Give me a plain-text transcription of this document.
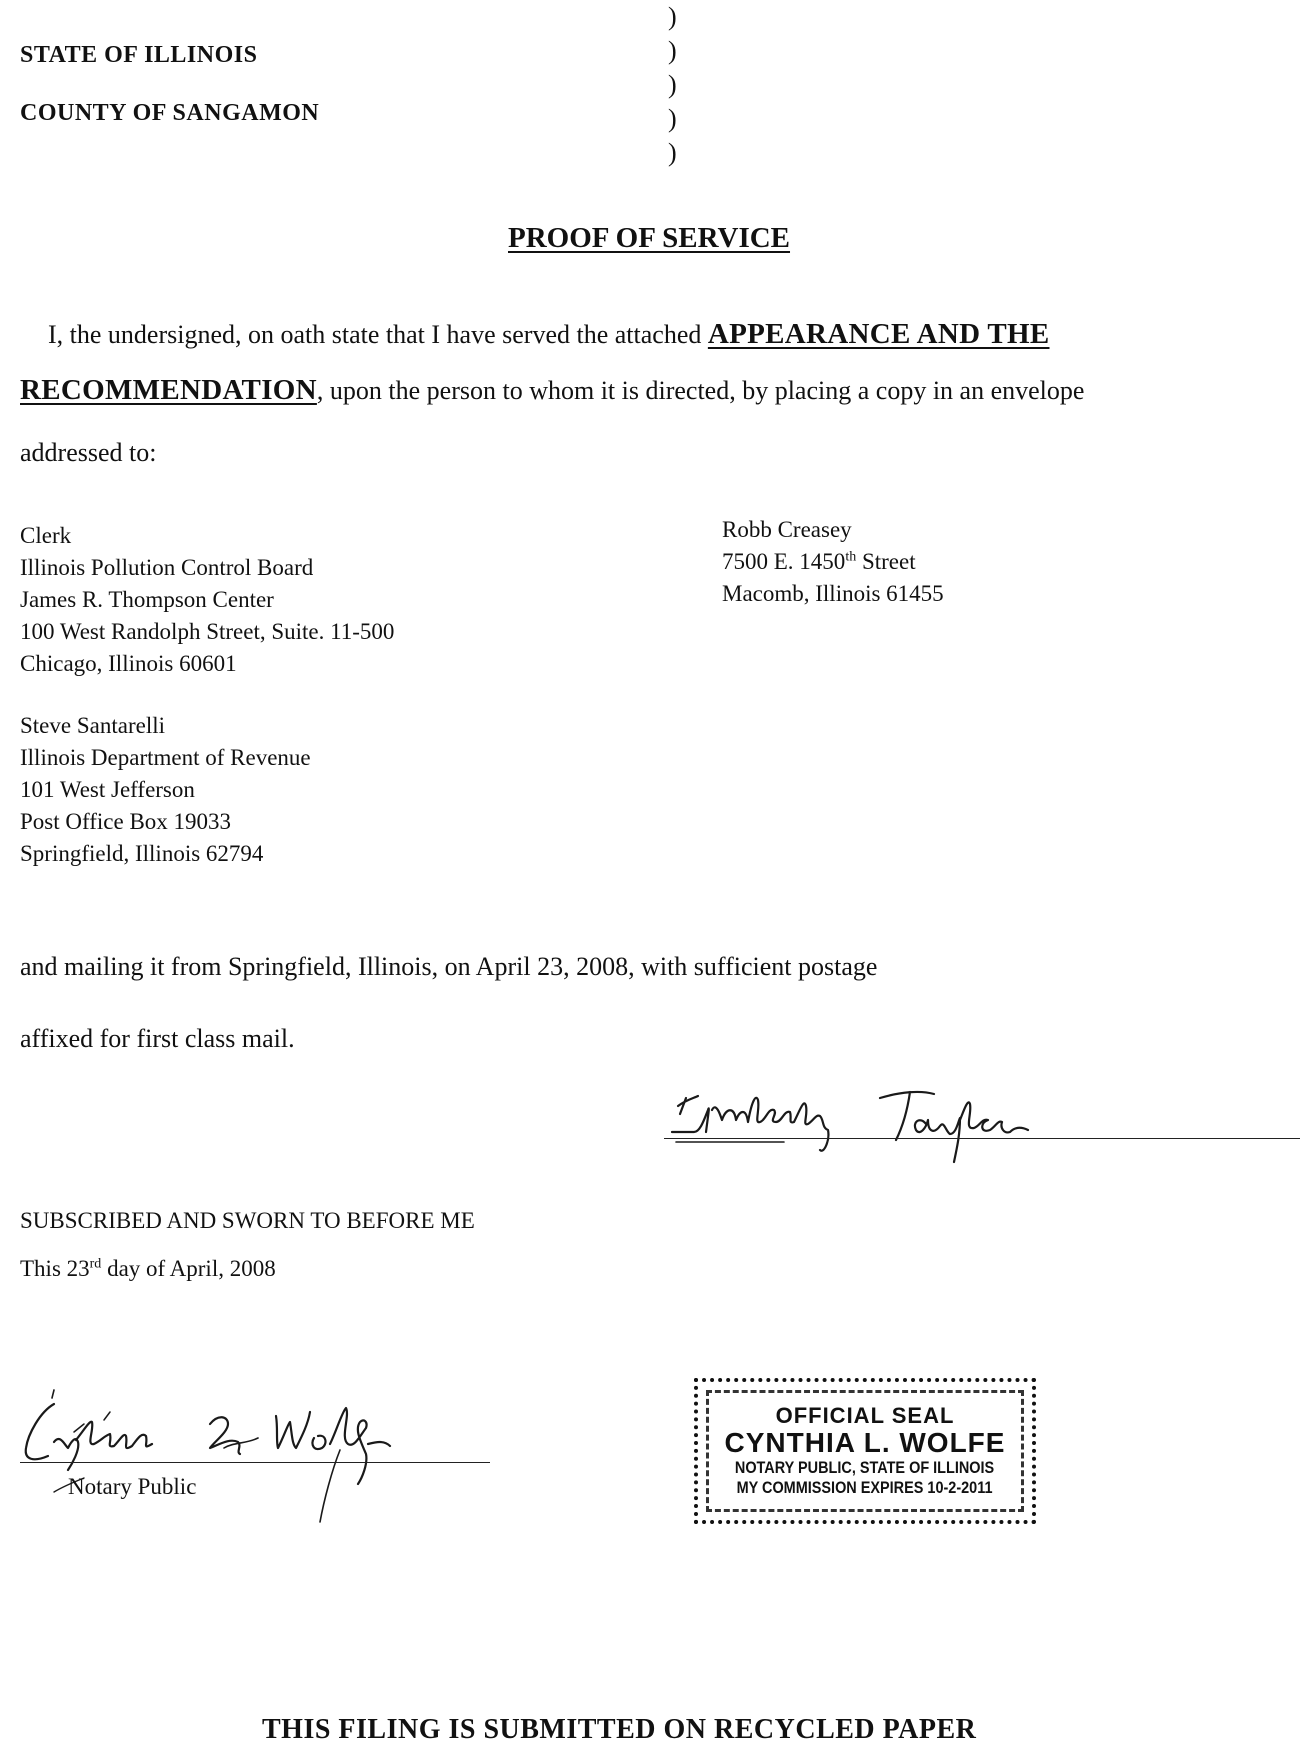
STATE OF ILLINOIS
COUNTY OF SANGAMON
)
)
)
)
)
PROOF OF SERVICE
I, the undersigned, on oath state that I have served the attached APPEARANCE AND THE
RECOMMENDATION, upon the person to whom it is directed, by placing a copy in an envelope
addressed to:
Clerk
Illinois Pollution Control Board
James R. Thompson Center
100 West Randolph Street, Suite. 11-500
Chicago, Illinois 60601
Robb Creasey
7500 E. 1450th Street
Macomb, Illinois 61455
Steve Santarelli
Illinois Department of Revenue
101 West Jefferson
Post Office Box 19033
Springfield, Illinois 62794
and mailing it from Springfield, Illinois, on April 23, 2008, with sufficient postage
affixed for first class mail.
SUBSCRIBED AND SWORN TO BEFORE ME
This 23rd day of April, 2008
Notary Public
OFFICIAL SEAL
CYNTHIA L. WOLFE
NOTARY PUBLIC, STATE OF ILLINOIS
MY COMMISSION EXPIRES 10-2-2011
THIS FILING IS SUBMITTED ON RECYCLED PAPER
